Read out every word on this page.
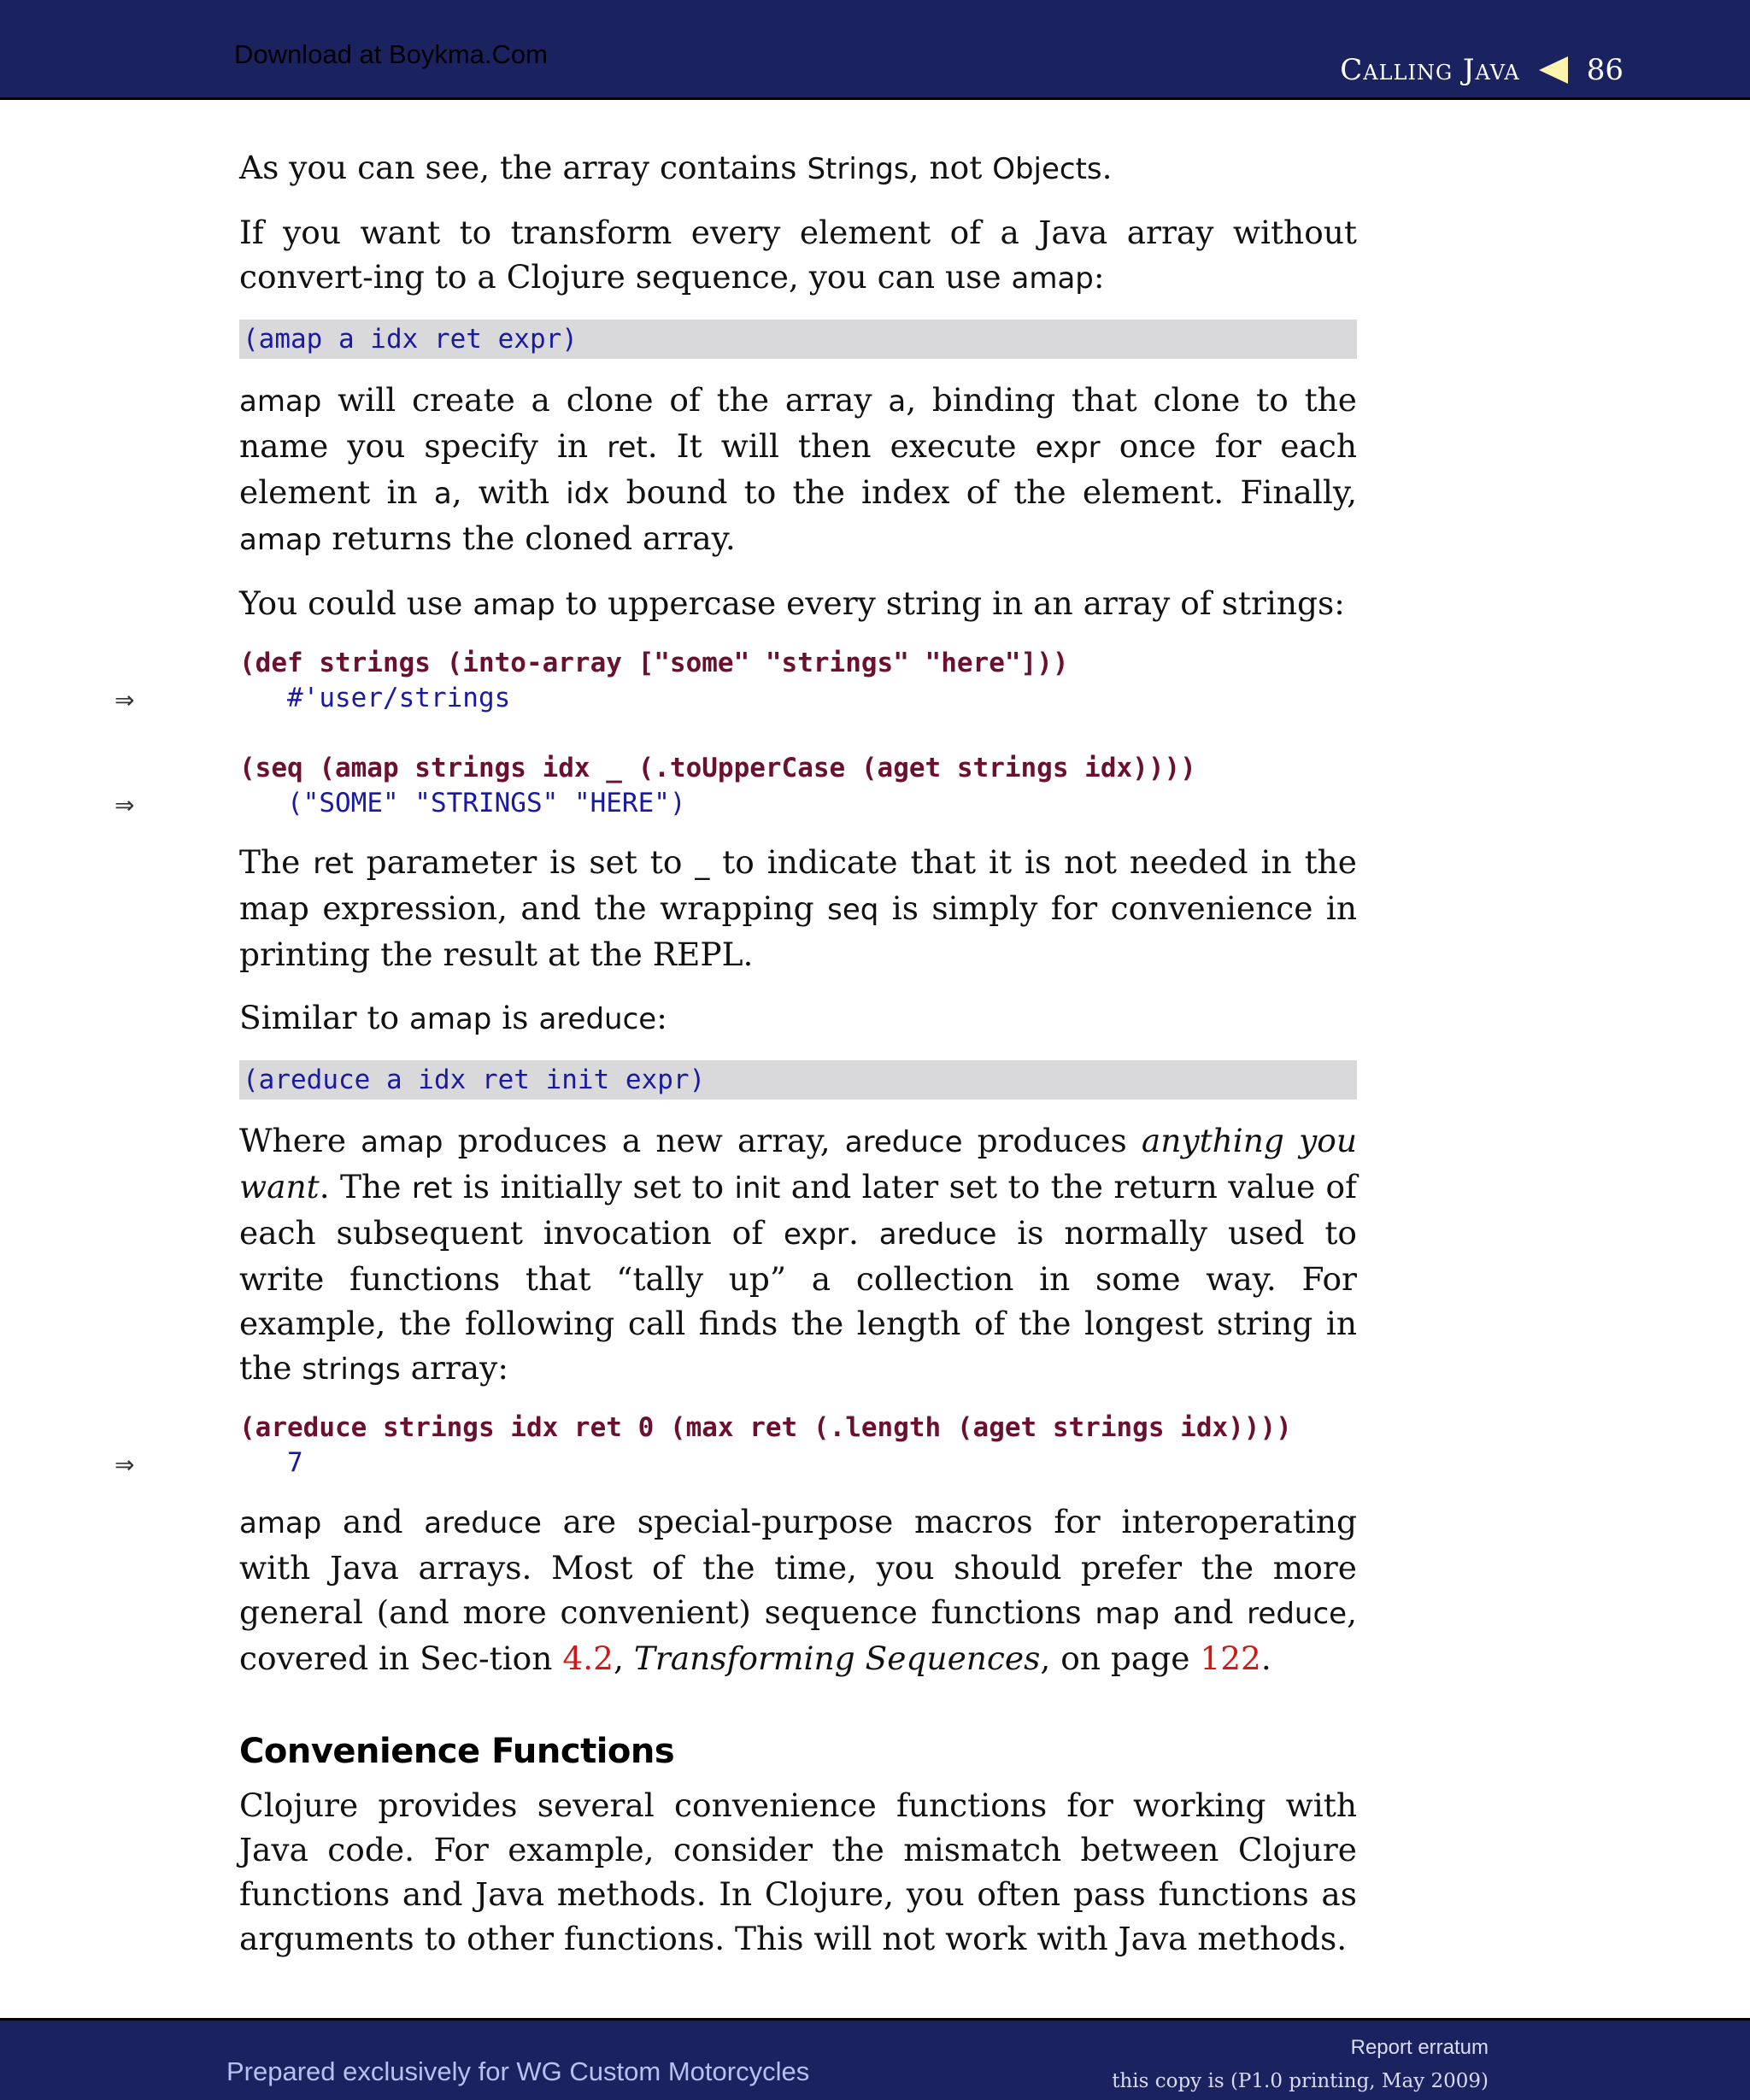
Download at Boykma.Com	Calling Java 86

As you can see, the array contains Strings, not Objects.

If you want to transform every element of a Java array without convert-ing to a Clojure sequence, you can use amap:

(amap a idx ret expr)

amap will create a clone of the array a, binding that clone to the name you specify in ret. It will then execute expr once for each element in a, with idx bound to the index of the element. Finally, amap returns the cloned array.

You could use amap to uppercase every string in an array of strings:

(def strings (into-array ["some" "strings" "here"]))
⇒	#'user/strings
(seq (amap strings idx _ (.toUpperCase (aget strings idx))))
⇒	("SOME" "STRINGS" "HERE")

The ret parameter is set to _ to indicate that it is not needed in the map expression, and the wrapping seq is simply for convenience in printing the result at the REPL.

Similar to amap is areduce:

(areduce a idx ret init expr)

Where amap produces a new array, areduce produces anything you want. The ret is initially set to init and later set to the return value of each subsequent invocation of expr. areduce is normally used to write functions that “tally up” a collection in some way. For example, the following call finds the length of the longest string in the strings array:

(areduce strings idx ret 0 (max ret (.length (aget strings idx))))
⇒	7

amap and areduce are special-purpose macros for interoperating with Java arrays. Most of the time, you should prefer the more general (and more convenient) sequence functions map and reduce, covered in Sec-tion 4.2, Transforming Sequences, on page 122.

Convenience Functions

Clojure provides several convenience functions for working with Java code. For example, consider the mismatch between Clojure functions and Java methods. In Clojure, you often pass functions as arguments to other functions. This will not work with Java methods.

Prepared exclusively for WG Custom Motorcycles
Report erratum
this copy is (P1.0 printing, May 2009)
